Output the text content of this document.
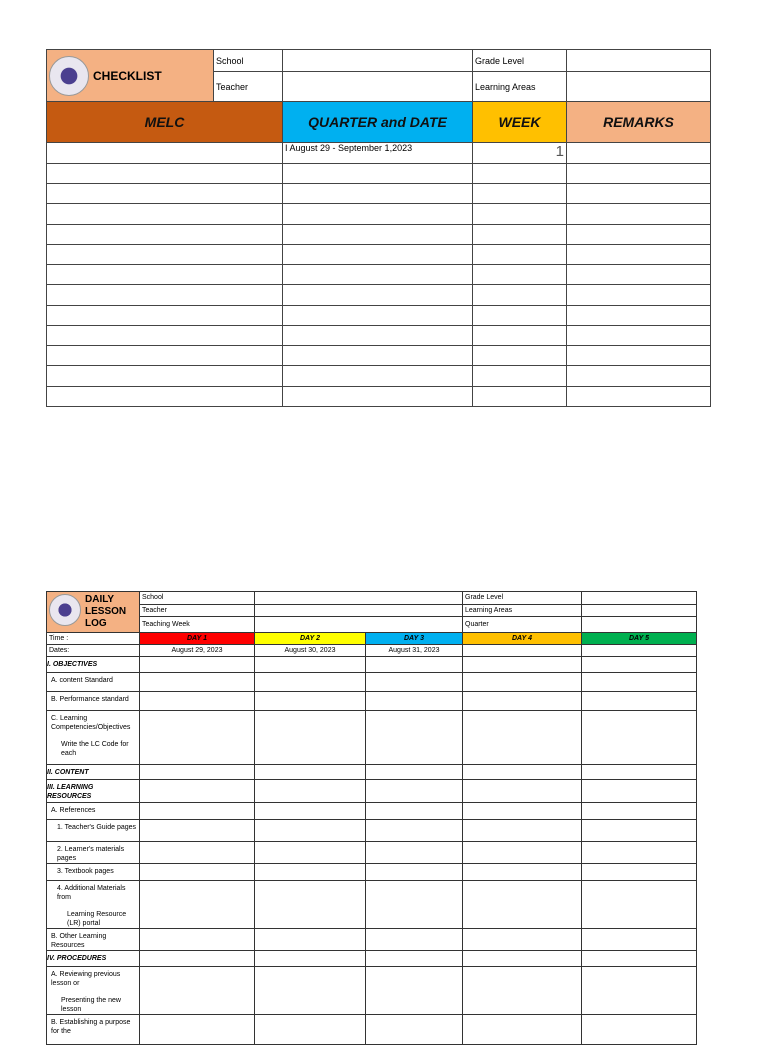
CHECKLIST	School		Grade Level	
	Teacher		Learning Areas	
MELC		QUARTER and DATE	WEEK	REMARKS
		I August 29 - September 1,2023	1	

DAILY
LESSON
LOG	School			Grade Level	
	Teacher			Learning Areas	
	Teaching Week			Quarter	
Time :	DAY 1	DAY 2	DAY 3	DAY 4	DAY 5
Dates:	August 29, 2023	August 30, 2023	August 31, 2023		

I. OBJECTIVES					

A. content Standard					

B. Performance standard					

C. Learning Competencies/Objectives
Write the LC Code for each					

II. CONTENT					

III. LEARNING RESOURCES					

A. References					

1. Teacher's Guide pages					

2. Learner's materials pages					

3. Textbook pages					

4. Additional Materials from
Learning Resource (LR) portal					

B. Other Learning Resources					

IV. PROCEDURES					

A. Reviewing previous lesson or
Presenting the new lesson					

B. Establishing a purpose for the					
